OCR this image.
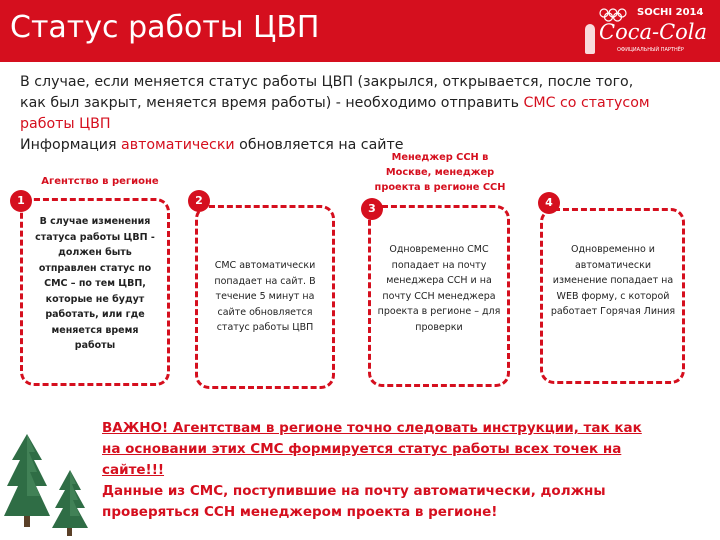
Статус работы ЦВП	SOCHI 2014
Coca-Cola
ОФИЦИАЛЬНЫЙ ПАРТНЁР
В случае, если меняется статус работы ЦВП (закрылся, открывается, после того, как был закрыт, меняется время работы) - необходимо отправить СМС со статусом работы ЦВП
Информация автоматически обновляется на сайте
Агентство в регионе
1
В случае изменения статуса работы ЦВП - должен быть отправлен статус по СМС – по тем ЦВП, которые не будут работать, или где меняется время работы
2
СМС автоматически попадает на сайт. В течение 5 минут на сайте обновляется статус работы ЦВП
Менеджер ССН в Москве, менеджер проекта в регионе ССН
3
Одновременно СМС попадает на почту менеджера ССН и на почту ССН менеджера проекта в регионе – для проверки
4
Одновременно и автоматически изменение попадает на WEB форму, с которой работает Горячая Линия
ВАЖНО! Агентствам в регионе точно следовать инструкции, так как на основании этих СМС формируется статус работы всех точек на сайте!!!
Данные из СМС, поступившие на почту автоматически, должны проверяться ССН менеджером проекта в регионе!
